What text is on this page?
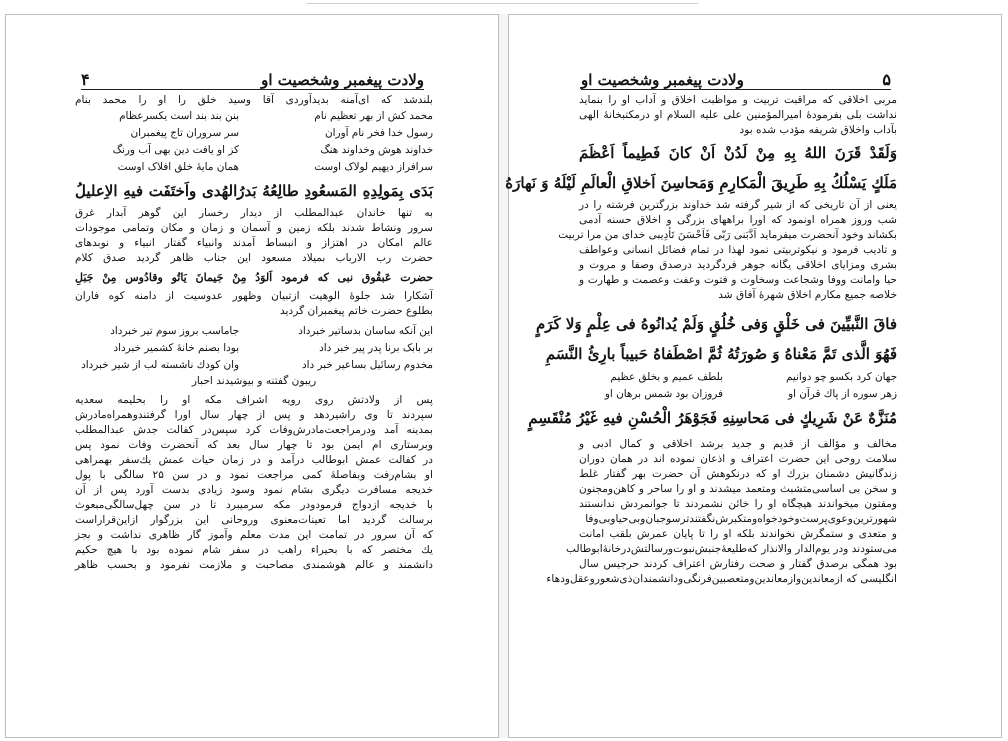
۴	ولادت پیغمبر وشخصیت او
بلندشد که ای‌آمنه بدیدآوردی آقا وسید خلق را او را محمد بنام
محمد کش از بهر تعظیم نام
بنن بند بند است یکسرعظام
رسول خدا فخر نام آوران
سر سروران تاج پیغمبران
خداوند هوش وخداوند هنگ
کز او یافت دین بهی آب ورنگ
سرافراز دیهیم لولاک اوست
همان مایهٔ خلق افلاک اوست
بَدَی بِمَولِدِهِ المَسعُودِ طالِعُهُ بَدرُالهُدی واَختَفَت فیهِ الاِعلیلُ
به تنها خاندان عبدالمطلب از دیدار رخسار این گوهر آبدار غرق
سرور ونشاط شدند بلکه زمین و آسمان و زمان و مکان وتمامی موجودات
عالم امکان در اهتزاز و انبساط آمدند وانبیاء گفتار انبیاء و نوبدهای
حضرت رب الارباب بمیلاد مسعود این جناب ظاهر گردید صدق کلام
حضرت عَبقُوق نبی که فرمود اَلوَدُ مِنْ جَیمانَ یَاتُو وقادُوس مِنْ جَبَلِ
آشکارا شد جلوهٔ الوهیت ازتبیان وظهور عدوسیت از دامنه کوه فاران
بطلوع حضرت خاتم پیغمبران گردید
این آنکه ساسان بدساتیر خبرداد
جاماسب بروز سوم تیر خبرداد
بر بابک برنا پدر پیر خبر داد
بودا بصنم خانهٔ کشمیر خبرداد
مخدوم رسائیل بساعیر خبر داد
وان کودك ناشسته لب از شیر خبرداد
ریبون گفتنه و بیوشیدند احبار
پس از ولادتش روی رویه اشراف مکه او را بحلیمه سعدیه
سپردند تا وی راشیردهد و پس از چهار سال اورا گرفتندوهمراه‌مادرش
بمدینه آمد ودرمراجعت‌مادرش‌وفات کرد سپس‌در کفالت جدش عبدالمطلب
وبرستاری ام ایمن بود تا چهار سال بعد که آنحضرت وفات نمود پس
در کفالت عمش ابوطالب درآمد و در زمان حیات عمش یك‌سفر بهمراهی
او بشام‌رفت وبفاصلهٔ کمی مراجعت نمود و در سن ۲۵ سالگی با پول
خدیجه مسافرت دیگری بشام نمود وسود زیادی بدست آورد پس از آن
با خدیجه ازدواج فرمودودر مکه سرمیبرد تا در سن چهل‌سالگی‌مبعوث
برسالت گردید اما تعینات‌معنوی وروحانی این بزرگوار ازاین‌قراراست
که آن سرور در تمامت این مدت معلم وآموز گار ظاهری نداشت و بجز
یك مختصر که با بحیراء راهب در سفر شام نموده بود با هیچ حکیم
دانشمند و عالم هوشمندی مصاحبت و ملازمت نفرمود و بحسب ظاهر
ولادت پیغمبر وشخصیت او	۵
مربی اخلاقی که مراقبت تربیت و مواظبت اخلاق و آداب او را بنماید
نداشت بلی بفرمودهٔ امیرالمؤمنین علی علیه السلام او درمکتبخانهٔ الهی
بآداب واخلاق شریفه مؤدب شده بود
وَلَقَدْ قَرَنَ اللهُ بِهِ مِنْ لَدُنْ اَنْ کانَ فَطِیماً اَعْظَمَ
مَلَكٍ یَسْلُكُ بِهِ طَرِیقَ الْمَکارِمِ وَمَحاسِنَ اَخلاقِ الْعالَمِ لَیْلَهُ وَ نَهارَهُ
یعنی از آن تاریخی که از شیر گرفته شد خداوند بزرگترین فرشته را در
شب وروز همراه اونمود که اورا براههای بزرگی و اخلاق حسنه آدمی
بکشاند وخود آنحضرت میفرماید اَدَّبَنی رَبّی فَاَحْسَنَ تَأدِیبی خدای من مرا تربیت
و تادیب فرمود و نیکوتربیتی نمود لهذا در تمام فضائل انسانی وعواطف
بشری ومزایای اخلاقی یگانه جوهر فردگردید درصدق وصفا و مروت و
حیا وامانت ووفا وشجاعت وسخاوت و فتوت وعفت وعصمت و طهارت و
خلاصه جمیع مکارم اخلاق شهرهٔ آفاق شد
فاقَ النَّبیِّینَ فی خَلْقٍ وَفی خُلُقٍ وَلَمْ یُدانُوهُ فی عِلْمٍ وَلا کَرَمٍ
فَهُوَ الَّذی تَمَّ مَعْناهُ وَ صُورَتُهُ ثُمَّ اصْطَفاهُ حَبیباً بارِئُ النَّسَمِ
جهان کرد بکسو چو دوانیم
بلطف عمیم و بخلق عظیم
زهر سوره از پاك قرآن او
فروزان بود شمس برهان او
مُنَزَّهٌ عَنْ شَرِیكٍ فی مَحاسِنِهِ فَجَوْهَرُ الْحُسْنِ فیهِ غَیْرُ مُنْقَسِمٍ
مخالف و مؤالف از قدیم و جدید برشد اخلاقی و کمال ادبی و
سلامت روحی این حضرت اعتراف و اذعان نموده اند در همان دوران
زندگانیش دشمنان بزرك او که درنکوهش آن حضرت بهر گفتار غلط
و سخن بی اساسی‌متشبث ومتعمد میشدند و او را ساحر و کاهن‌ومجنون
ومفتون میخواندند هیچگاه او را خائن نشمردند تا جوانمردش ندانستند
شهورترین‌وعوی‌پرست‌وخودخواه‌ومتکبرش‌نگفتند‌ترسوجبان‌وبی‌حیاوبی‌وفا
و متعدی و ستمگرش نخواندند بلکه او را تا پایان عمرش بلقب امانت
می‌ستودند ودر یوم‌الدار والانذار که‌طلیعهٔ‌جنبش‌نبوت‌ورسالتش‌درخانهٔ‌ابوطالب
بود همگی برصدق گفتار و صحت رفتارش اعتراف کردند حرجیس سال
انگلیسی که ازمعاندین‌وازمعاندین‌ومتعصبین‌فرنگی‌ودانشمندان‌ذی‌شعوروعقل‌ودهاء
